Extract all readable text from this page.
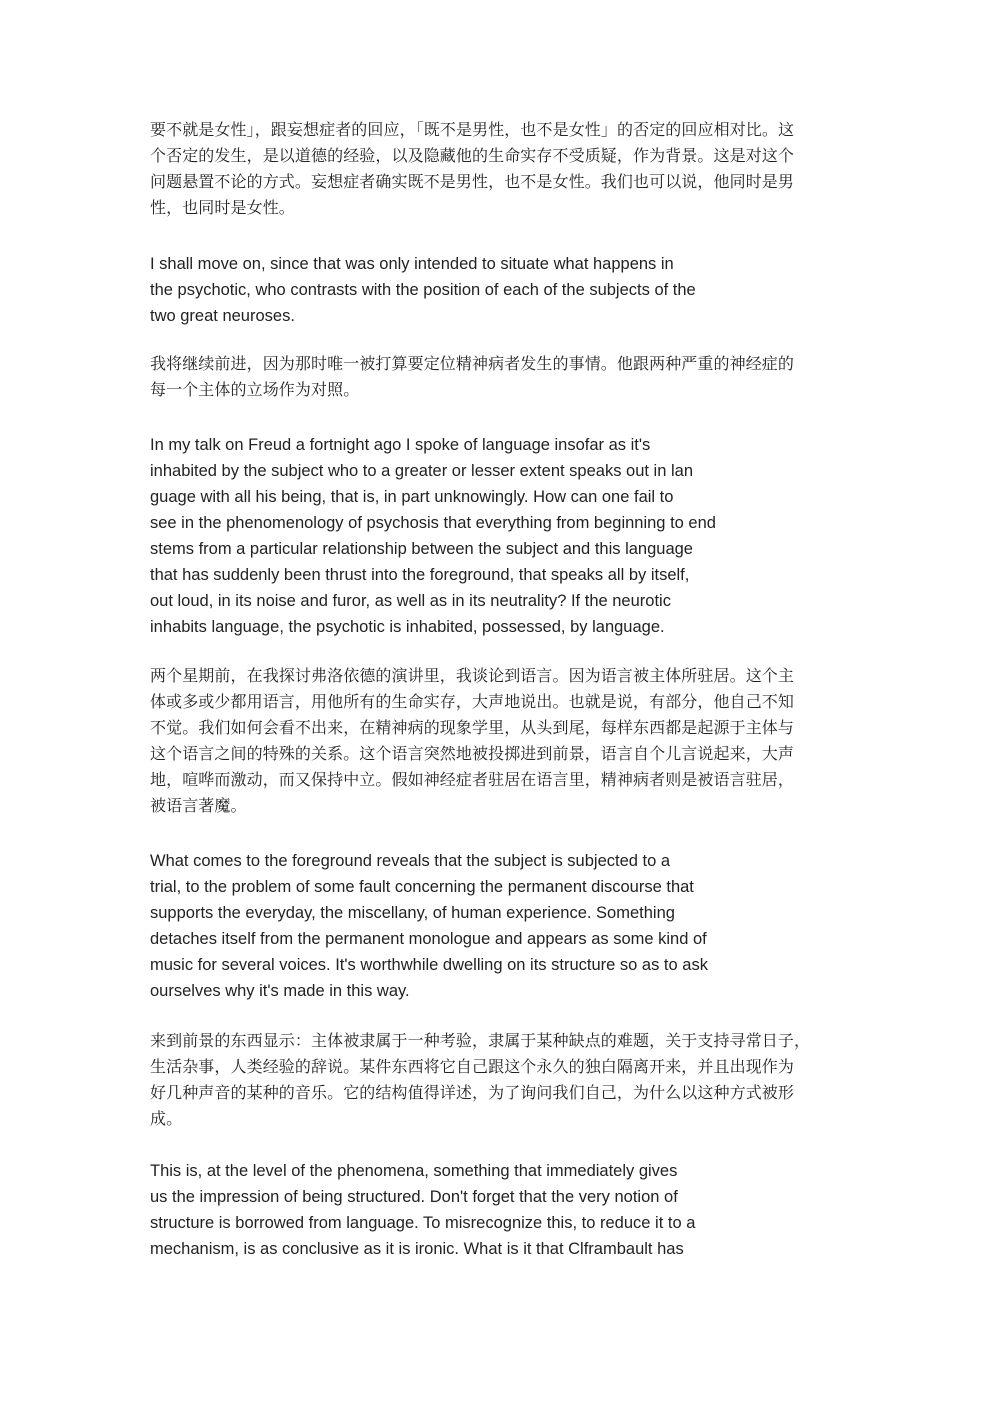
要不就是女性」，跟妄想症者的回应，「既不是男性，也不是女性」的否定的回应相对比。这
个否定的发生，是以道德的经验，以及隐藏他的生命实存不受质疑，作为背景。这是对这个
问题悬置不论的方式。妄想症者确实既不是男性，也不是女性。我们也可以说，他同时是男
性，也同时是女性。
I shall move on, since that was only intended to situate what happens in
the psychotic, who contrasts with the position of each of the subjects of the
two great neuroses.
我将继续前进，因为那时唯一被打算要定位精神病者发生的事情。他跟两种严重的神经症的
每一个主体的立场作为对照。
In my talk on Freud a fortnight ago I spoke of language insofar as it's
inhabited by the subject who to a greater or lesser extent speaks out in lan
guage with all his being, that is, in part unknowingly. How can one fail to
see in the phenomenology of psychosis that everything from beginning to end
stems from a particular relationship between the subject and this language
that has suddenly been thrust into the foreground, that speaks all by itself,
out loud, in its noise and furor, as well as in its neutrality? If the neurotic
inhabits language, the psychotic is inhabited, possessed, by language.
两个星期前，在我探讨弗洛依德的演讲里，我谈论到语言。因为语言被主体所驻居。这个主
体或多或少都用语言，用他所有的生命实存，大声地说出。也就是说，有部分，他自己不知
不觉。我们如何会看不出来，在精神病的现象学里，从头到尾，每样东西都是起源于主体与
这个语言之间的特殊的关系。这个语言突然地被投掷进到前景，语言自个儿言说起来，大声
地，喧哗而激动，而又保持中立。假如神经症者驻居在语言里，精神病者则是被语言驻居，
被语言著魔。
What comes to the foreground reveals that the subject is subjected to a
trial, to the problem of some fault concerning the permanent discourse that
supports the everyday, the miscellany, of human experience. Something
detaches itself from the permanent monologue and appears as some kind of
music for several voices. It's worthwhile dwelling on its structure so as to ask
ourselves why it's made in this way.
来到前景的东西显示：主体被隶属于一种考验，隶属于某种缺点的难题，关于支持寻常日子，
生活杂事，人类经验的辞说。某件东西将它自己跟这个永久的独白隔离开来，并且出现作为
好几种声音的某种的音乐。它的结构值得详述，为了询问我们自己，为什么以这种方式被形
成。
This is, at the level of the phenomena, something that immediately gives
us the impression of being structured. Don't forget that the very notion of
structure is borrowed from language. To misrecognize this, to reduce it to a
mechanism, is as conclusive as it is ironic. What is it that Clframbault has
